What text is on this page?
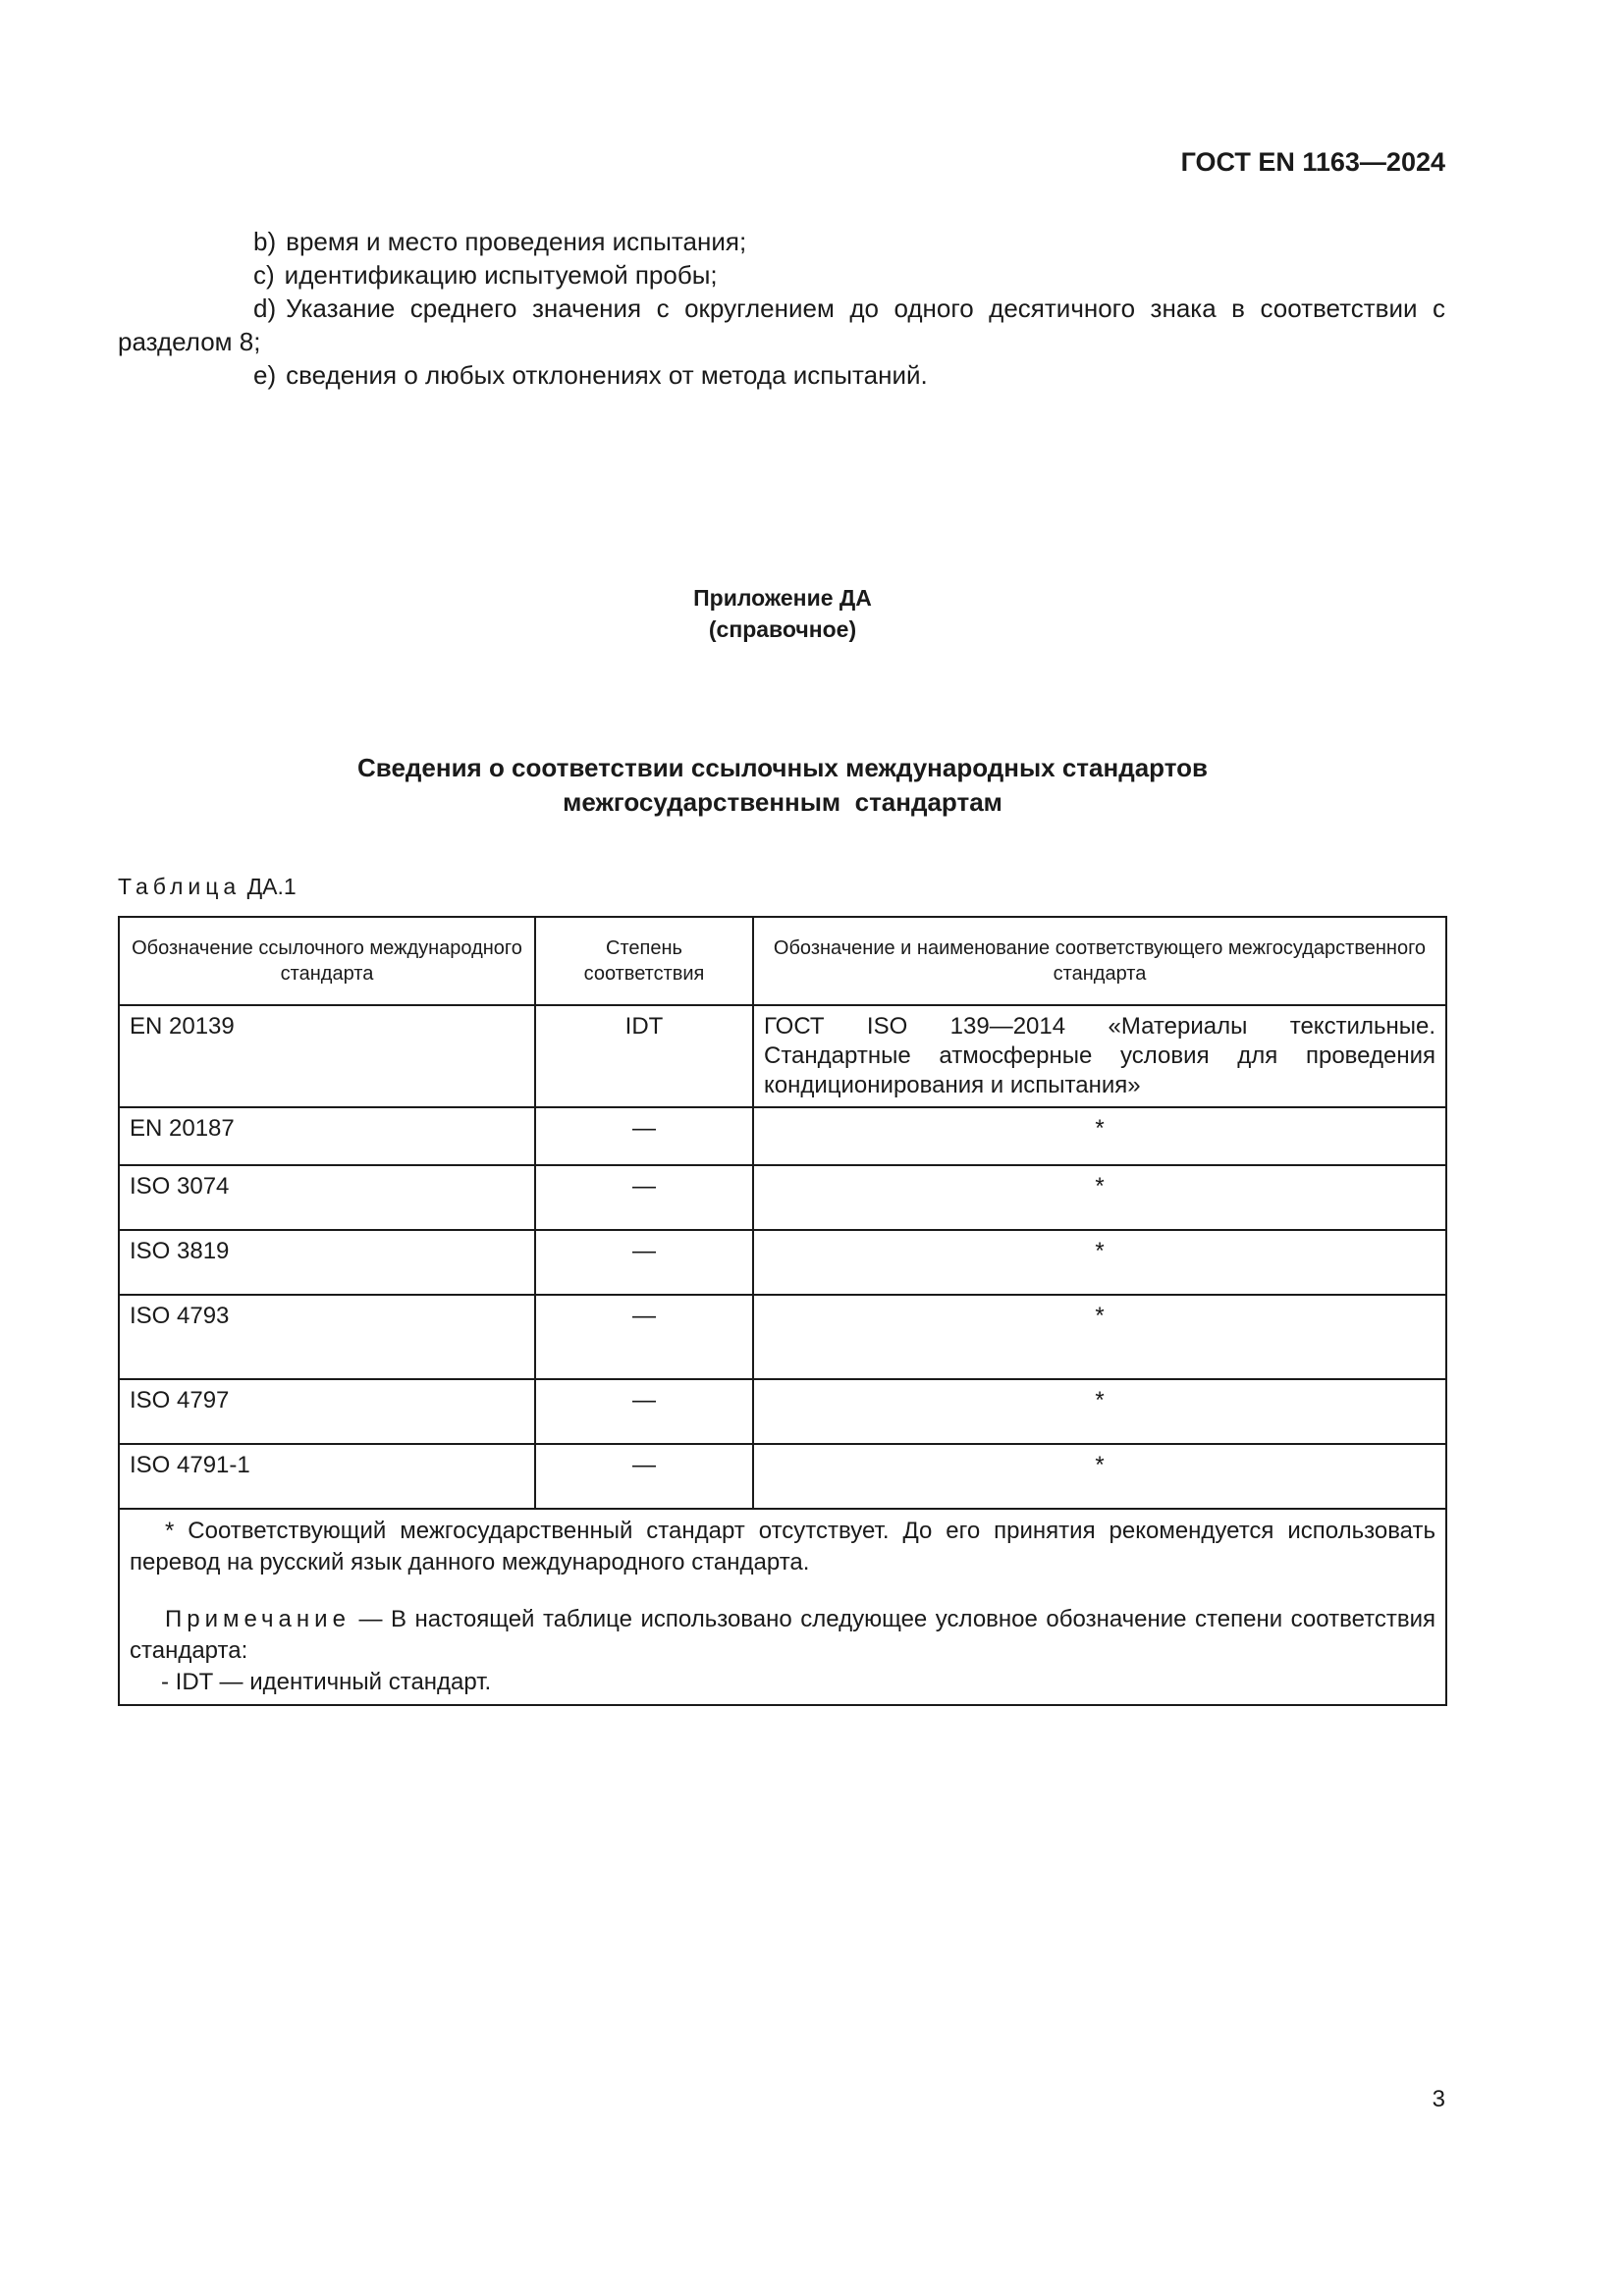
ГОСТ EN 1163—2024

b) время и место проведения испытания;

c) идентификацию испытуемой пробы;

d) Указание среднего значения с округлением до одного десятичного знака в соответствии с разделом 8;

e) сведения о любых отклонениях от метода испытаний.

Приложение ДА
(справочное)
Сведения о соответствии ссылочных международных стандартов
межгосударственным  стандартам
Таблица ДА.1
Обозначение ссылочного международного стандарта	Степень соответствия	Обозначение и наименование соответствующего межгосударственного стандарта
EN 20139	IDT	ГОСТ ISO 139—2014 «Материалы текстильные. Стандартные атмосферные условия для проведения кондиционирования и испытания»
EN 20187	—	*
ISO 3074	—	*
ISO 3819	—	*
ISO 4793	—	*
ISO 4797	—	*
ISO 4791-1	—	*

* Соответствующий межгосударственный стандарт отсутствует. До его принятия рекомендуется использовать перевод на русский язык данного международного стандарта.

Примечание — В настоящей таблице использовано следующее условное обозначение степени соответствия стандарта:

- IDT — идентичный стандарт.		

3
